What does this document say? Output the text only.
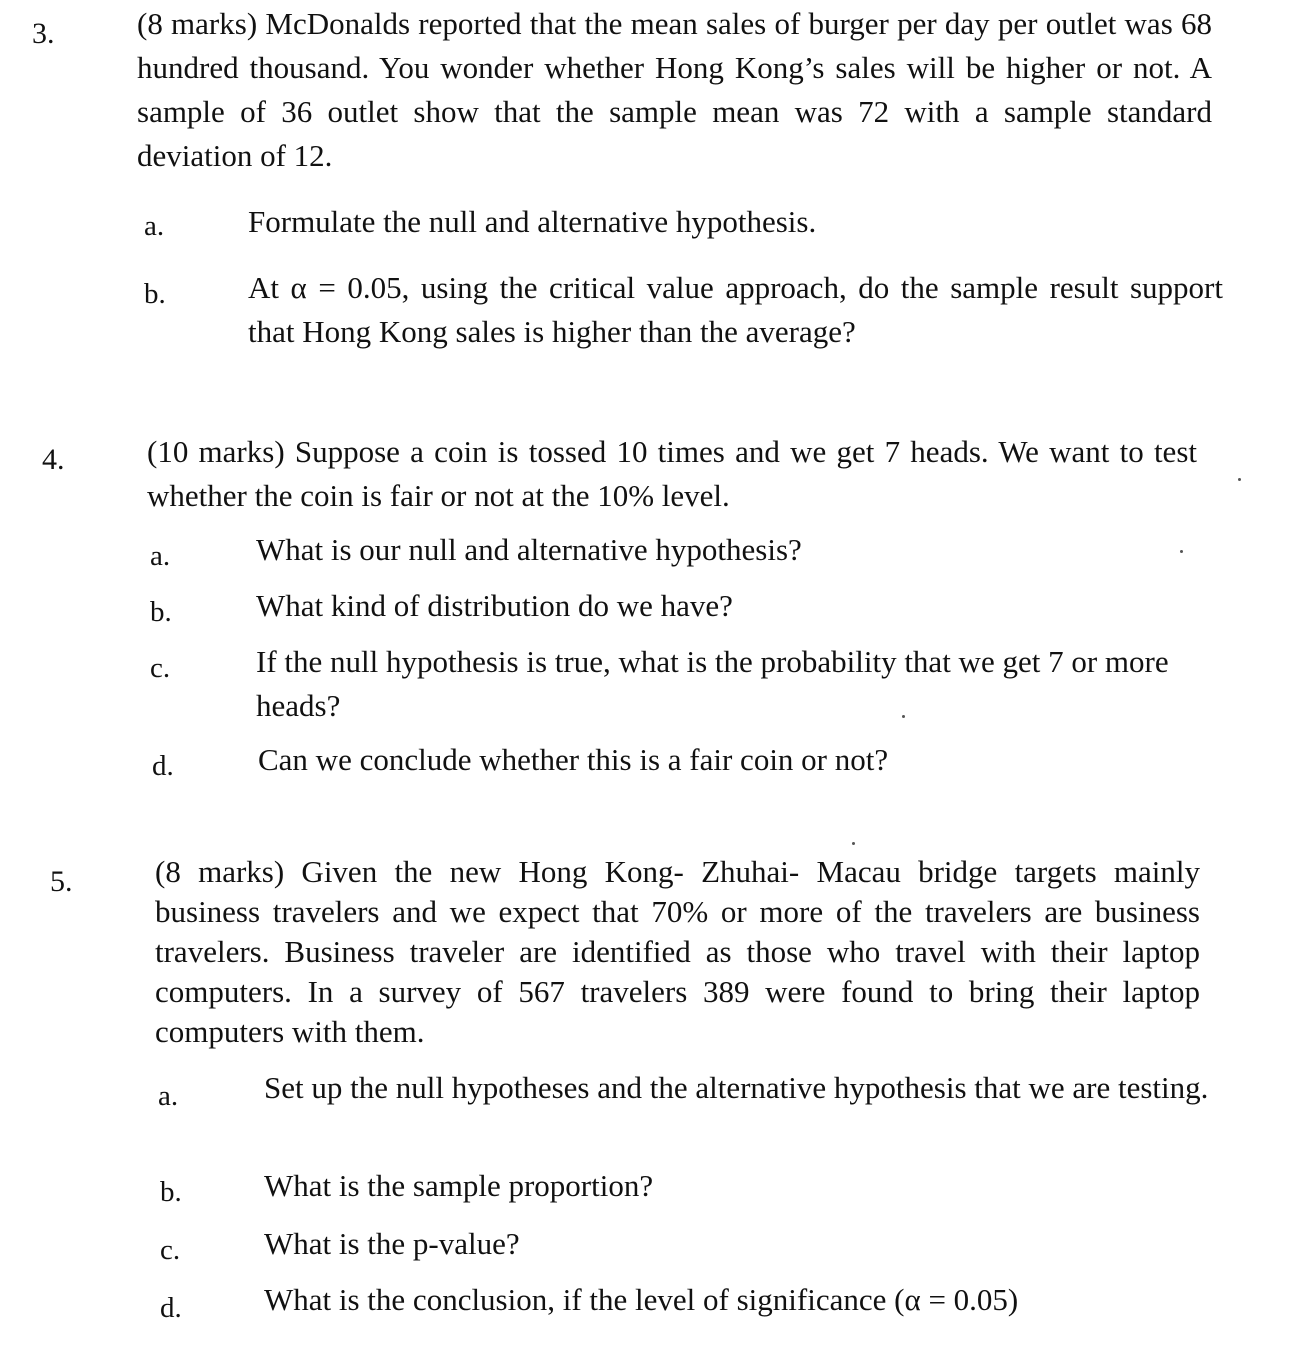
3.	(8 marks) McDonalds reported that the mean sales of burger per day per outlet was 68 hundred thousand. You wonder whether Hong Kong’s sales will be higher or not. A sample of 36 outlet show that the sample mean was 72 with a sample standard deviation of 12.

a.	Formulate the null and alternative hypothesis.

b.	At α = 0.05, using the critical value approach, do the sample result support that Hong Kong sales is higher than the average?

4.	(10 marks) Suppose a coin is tossed 10 times and we get 7 heads. We want to test whether the coin is fair or not at the 10% level.

a.	What is our null and alternative hypothesis?

b.	What kind of distribution do we have?

c.	If the null hypothesis is true, what is the probability that we get 7 or more heads?

d.	Can we conclude whether this is a fair coin or not?

5.	(8 marks) Given the new Hong Kong- Zhuhai- Macau bridge targets mainly business travelers and we expect that 70% or more of the travelers are business travelers. Business traveler are identified as those who travel with their laptop computers. In a survey of 567 travelers 389 were found to bring their laptop computers with them.

a.	Set up the null hypotheses and the alternative hypothesis that we are testing.

b.	What is the sample proportion?

c.	What is the p-value?

d.	What is the conclusion, if the level of significance (α = 0.05)
